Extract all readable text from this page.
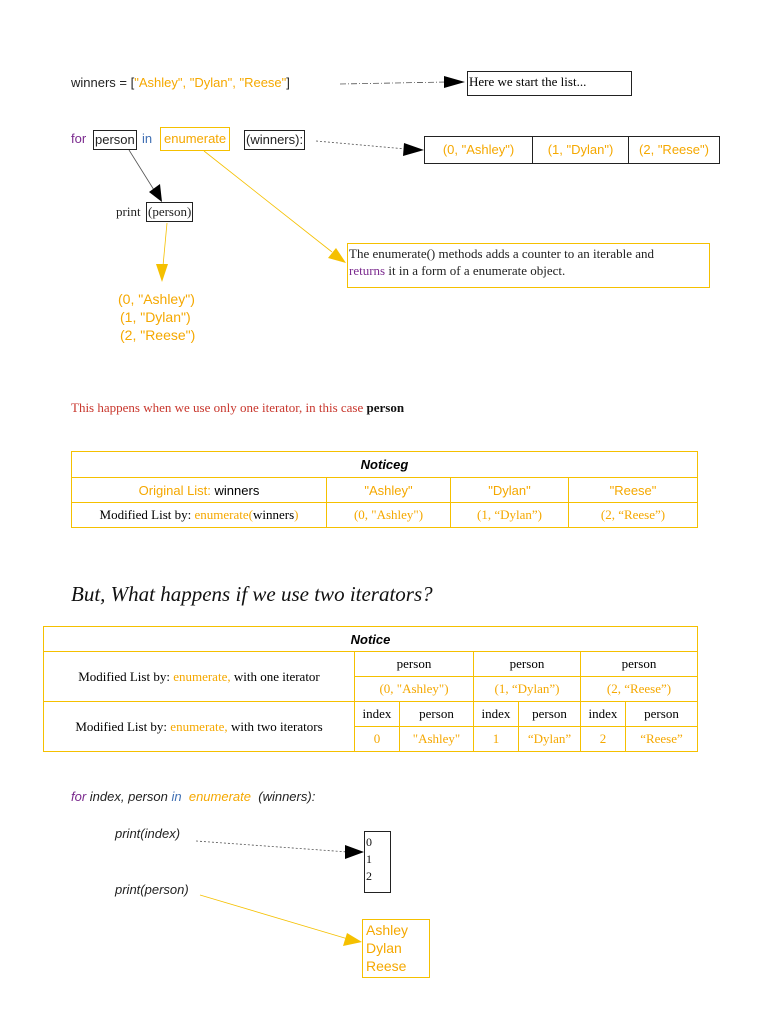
winners = ["Ashley", "Dylan", "Reese"]	Here we start the list...
for person in enumerate	(winners):
(0, "Ashley")	(1, "Dylan")	(2, "Reese")
print (person)
(0, "Ashley")
(1, "Dylan")
(2, "Reese")
The enumerate() methods adds a counter to an iterable and
returns it in a form of a enumerate object.
This happens when we use only one iterator, in this case person
Noticeg			
Original List: winners	"Ashley"	"Dylan"	"Reese"
Modified List by: enumerate(winners)	(0, "Ashley")	(1, “Dylan”)	(2, “Reese”)
But, What happens if we use two iterators?
Notice						
Modified List by: enumerate, with one iterator	person		person		person	
	(0, "Ashley")		(1, “Dylan”)		(2, “Reese”)	
Modified List by: enumerate, with two iterators	index	person	index	person	index	person
	0	"Ashley"	1	“Dylan”	2	“Reese”
for index, person in enumerate (winners):
print(index)
print(person)
0
1
2
Ashley
Dylan
Reese
